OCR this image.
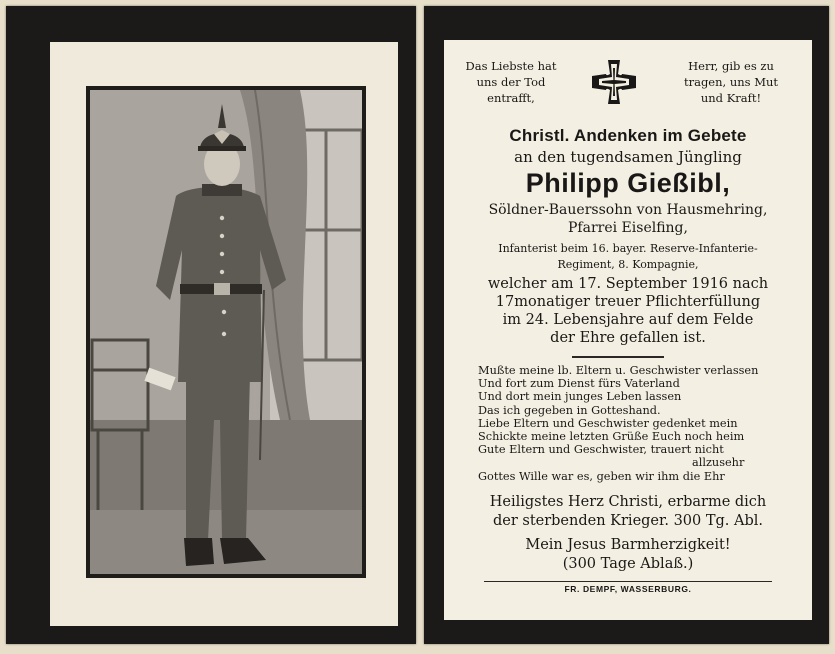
Das Liebste hat
uns der Tod
entrafft,
Herr, gib es zu
tragen, uns Mut
und Kraft!
Christl. Andenken im Gebete
an den tugendsamen Jüngling
Philipp Gießibl,
Söldner-Bauerssohn von Hausmehring,
Pfarrei Eiselfing,
Infanterist beim 16. bayer. Reserve-Infanterie-
Regiment, 8. Kompagnie,
welcher am 17. September 1916 nach
17monatiger treuer Pflichterfüllung
im 24. Lebensjahre auf dem Felde
der Ehre gefallen ist.
Mußte meine lb. Eltern u. Geschwister verlassen
Und fort zum Dienst fürs Vaterland
Und dort mein junges Leben lassen
Das ich gegeben in Gotteshand.
Liebe Eltern und Geschwister gedenket mein
Schickte meine letzten Grüße Euch noch heim
Gute Eltern und Geschwister, trauert nicht
allzusehr
Gottes Wille war es, geben wir ihm die Ehr
Heiligstes Herz Christi, erbarme dich
der sterbenden Krieger. 300 Tg. Abl.
Mein Jesus Barmherzigkeit!
(300 Tage Ablaß.)
FR. DEMPF, WASSERBURG.
